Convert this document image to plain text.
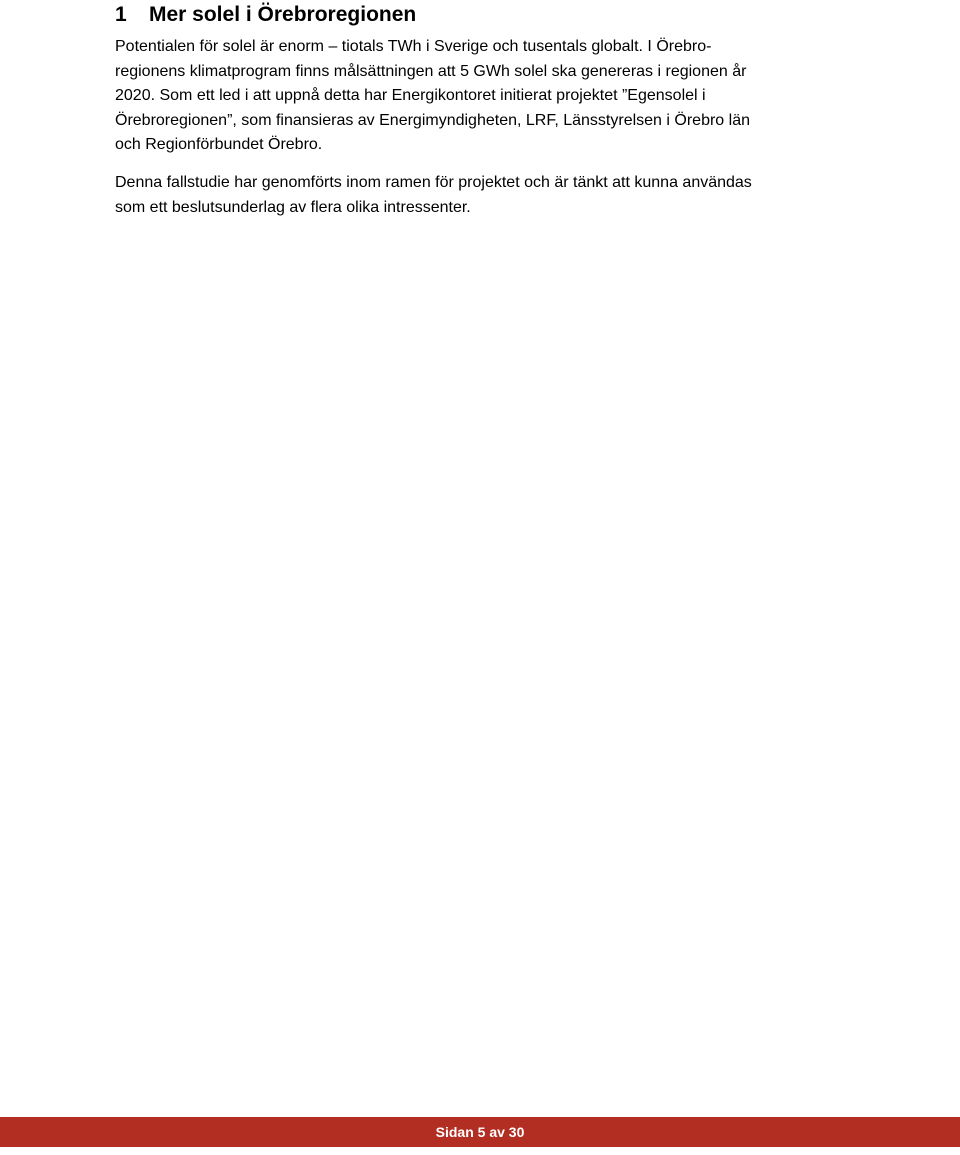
1 Mer solel i Örebroregionen

Potentialen för solel är enorm – tiotals TWh i Sverige och tusentals globalt. I Örebro-
regionens klimatprogram finns målsättningen att 5 GWh solel ska genereras i regionen år
2020. Som ett led i att uppnå detta har Energikontoret initierat projektet ”Egensolel i
Örebroregionen”, som finansieras av Energimyndigheten, LRF, Länsstyrelsen i Örebro län
och Regionförbundet Örebro.

Denna fallstudie har genomförts inom ramen för projektet och är tänkt att kunna användas
som ett beslutsunderlag av flera olika intressenter.

Sidan 5 av 30
